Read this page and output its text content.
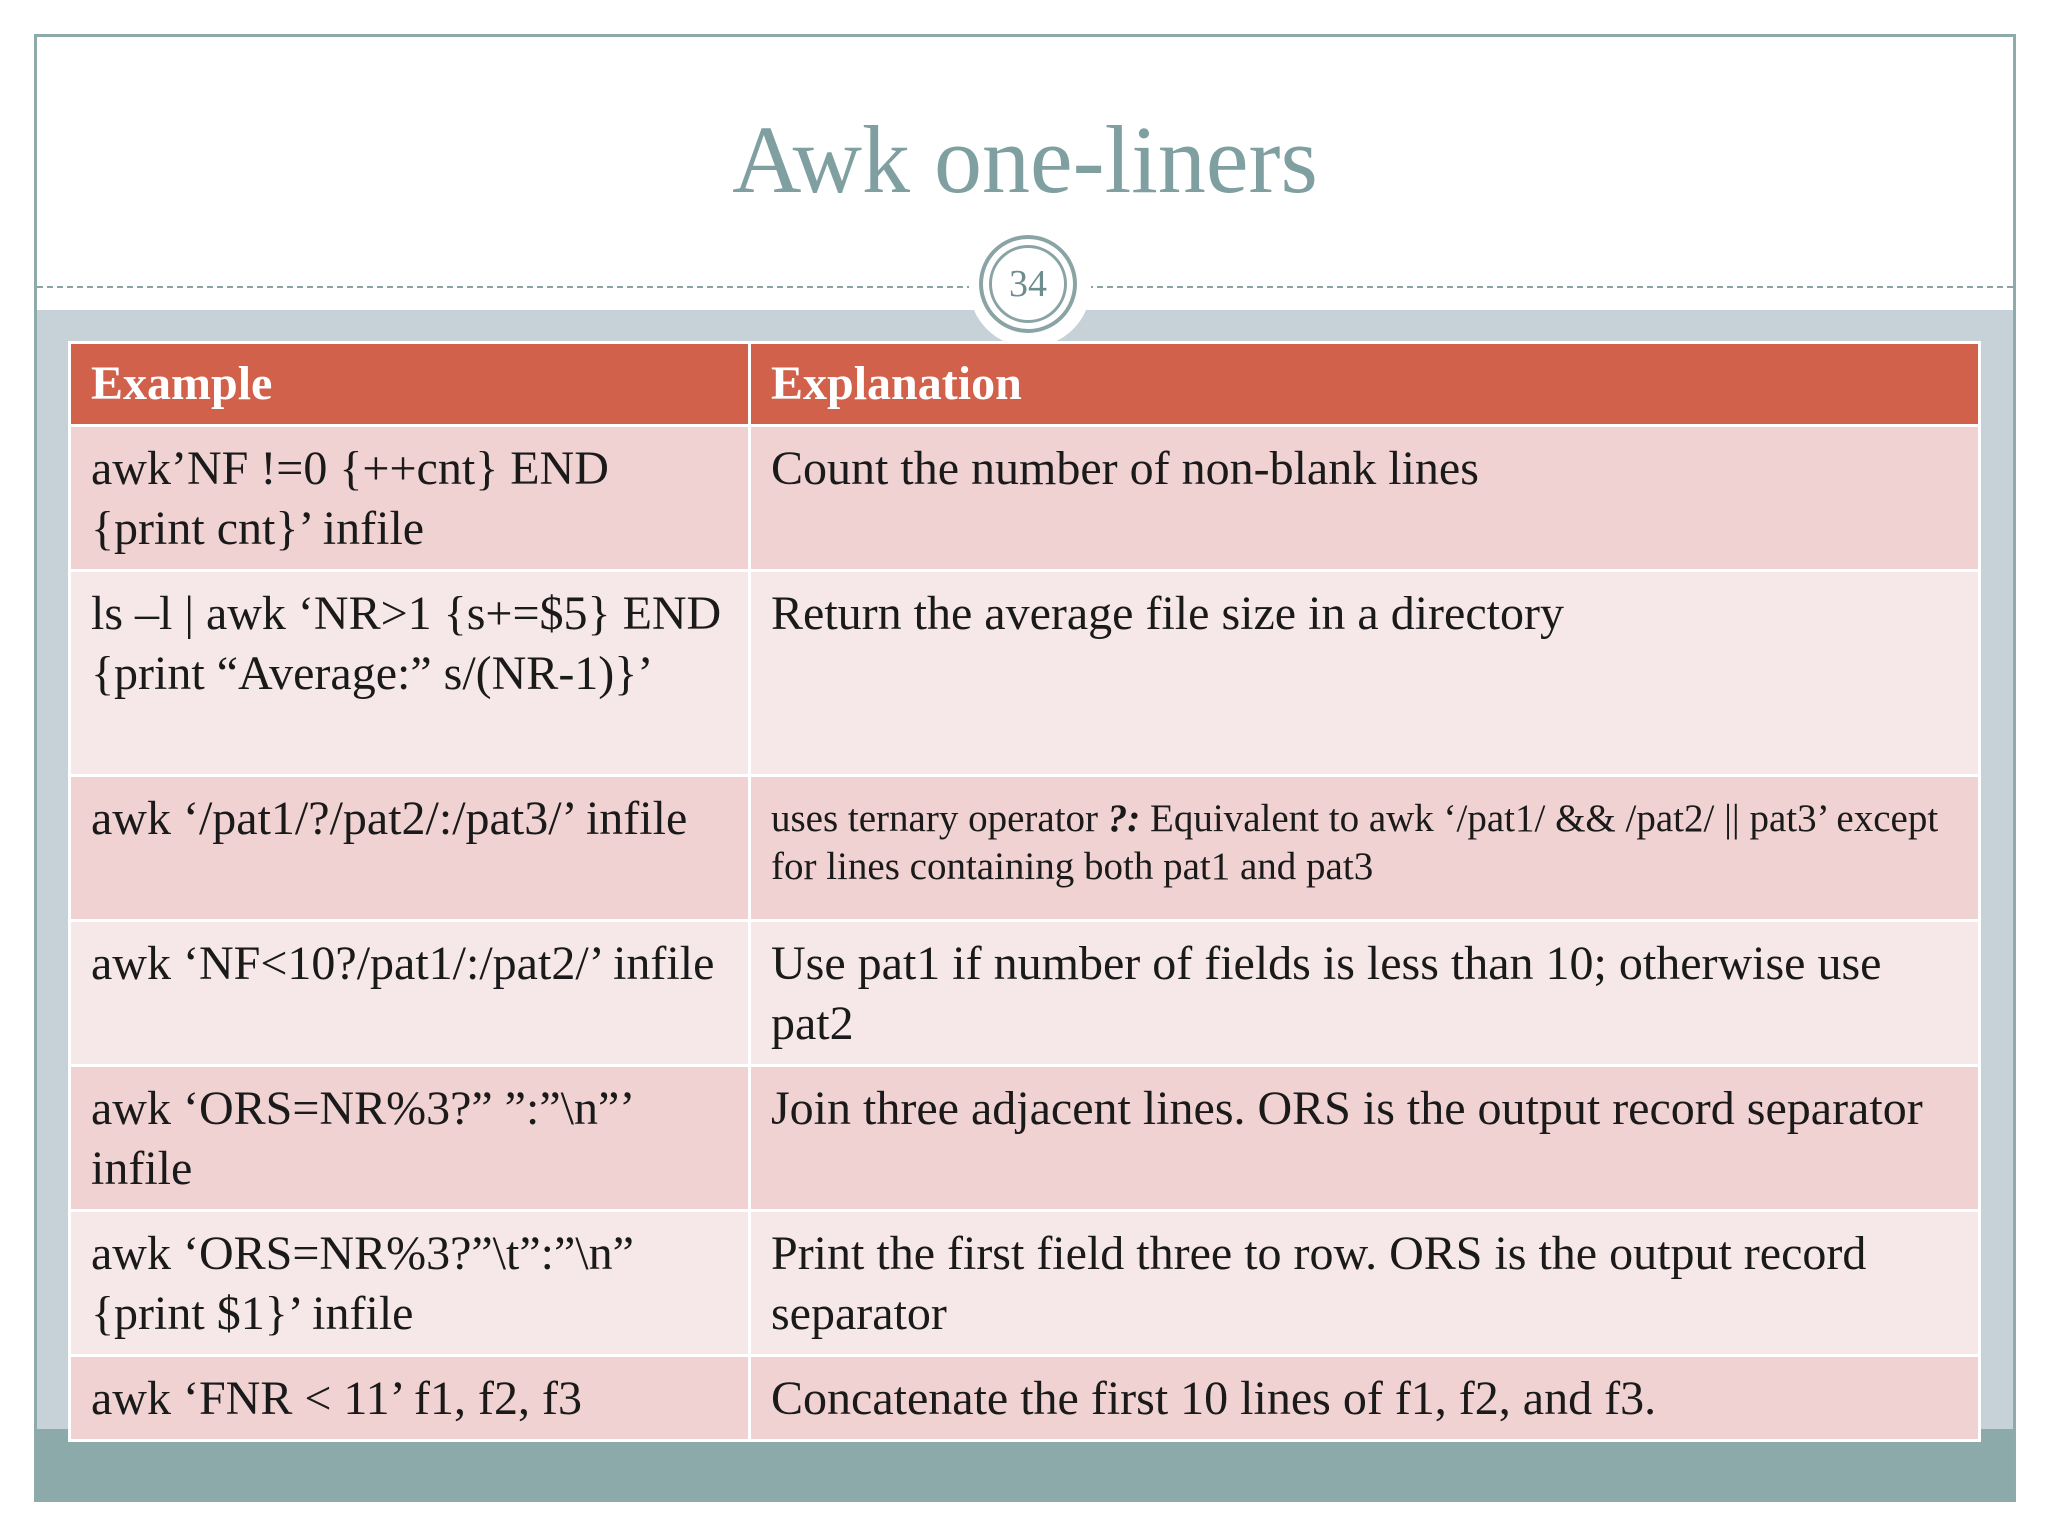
Awk one-liners
34
Example	Explanation
awk’NF !=0 {++cnt} END {print cnt}’ infile	Count the number of non-blank lines
ls –l | awk ‘NR>1 {s+=$5} END {print “Average:” s/(NR-1)}’	Return the average file size in a directory
awk ‘/pat1/?/pat2/:/pat3/’ infile	uses ternary operator ?: Equivalent to awk ‘/pat1/ && /pat2/ || pat3’ except for lines containing both pat1 and pat3
awk ‘NF<10?/pat1/:/pat2/’ infile	Use pat1 if number of fields is less than 10; otherwise use pat2
awk ‘ORS=NR%3?” ”:”\n”’ infile	Join three adjacent lines. ORS is the output record separator
awk ‘ORS=NR%3?”\t”:”\n” {print $1}’ infile	Print the first field three to row. ORS is the output record separator
awk ‘FNR < 11’ f1, f2, f3	Concatenate the first 10 lines of f1, f2, and f3.
